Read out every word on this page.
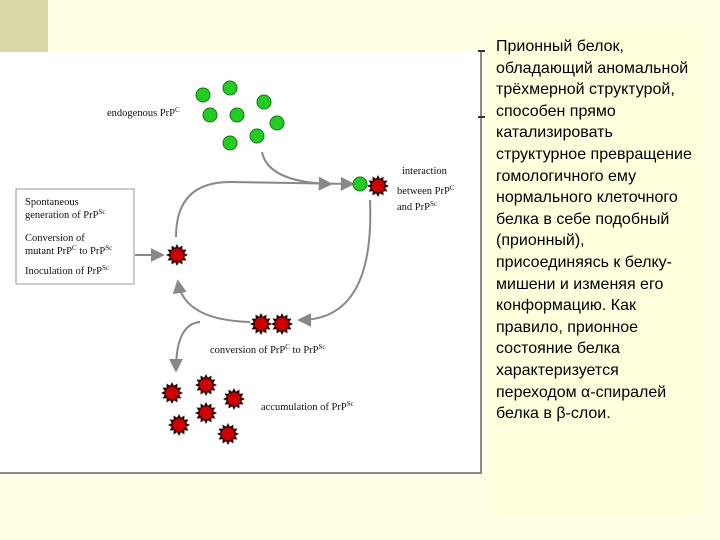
endogenous PrP$^C$
interaction
between PrP$^C$
and PrP$^{Sc}$
Spontaneous
generation of PrP$^{Sc}$
Conversion of
mutant PrP$^C$ to PrP$^{Sc}$
Inoculation of PrP$^{Sc}$
conversion of PrP$^C$ to PrP$^{Sc}$
accumulation of PrP$^{Sc}$

Прионный белок, обладающий аномальной трёхмерной структурой, способен прямо катализировать структурное превращение гомологичного ему нормального клеточного белка в себе подобный (прионный), присоединяясь к белку-мишени и изменяя его конформацию. Как правило, прионное состояние белка характеризуется переходом α-спиралей белка в β-слои.
